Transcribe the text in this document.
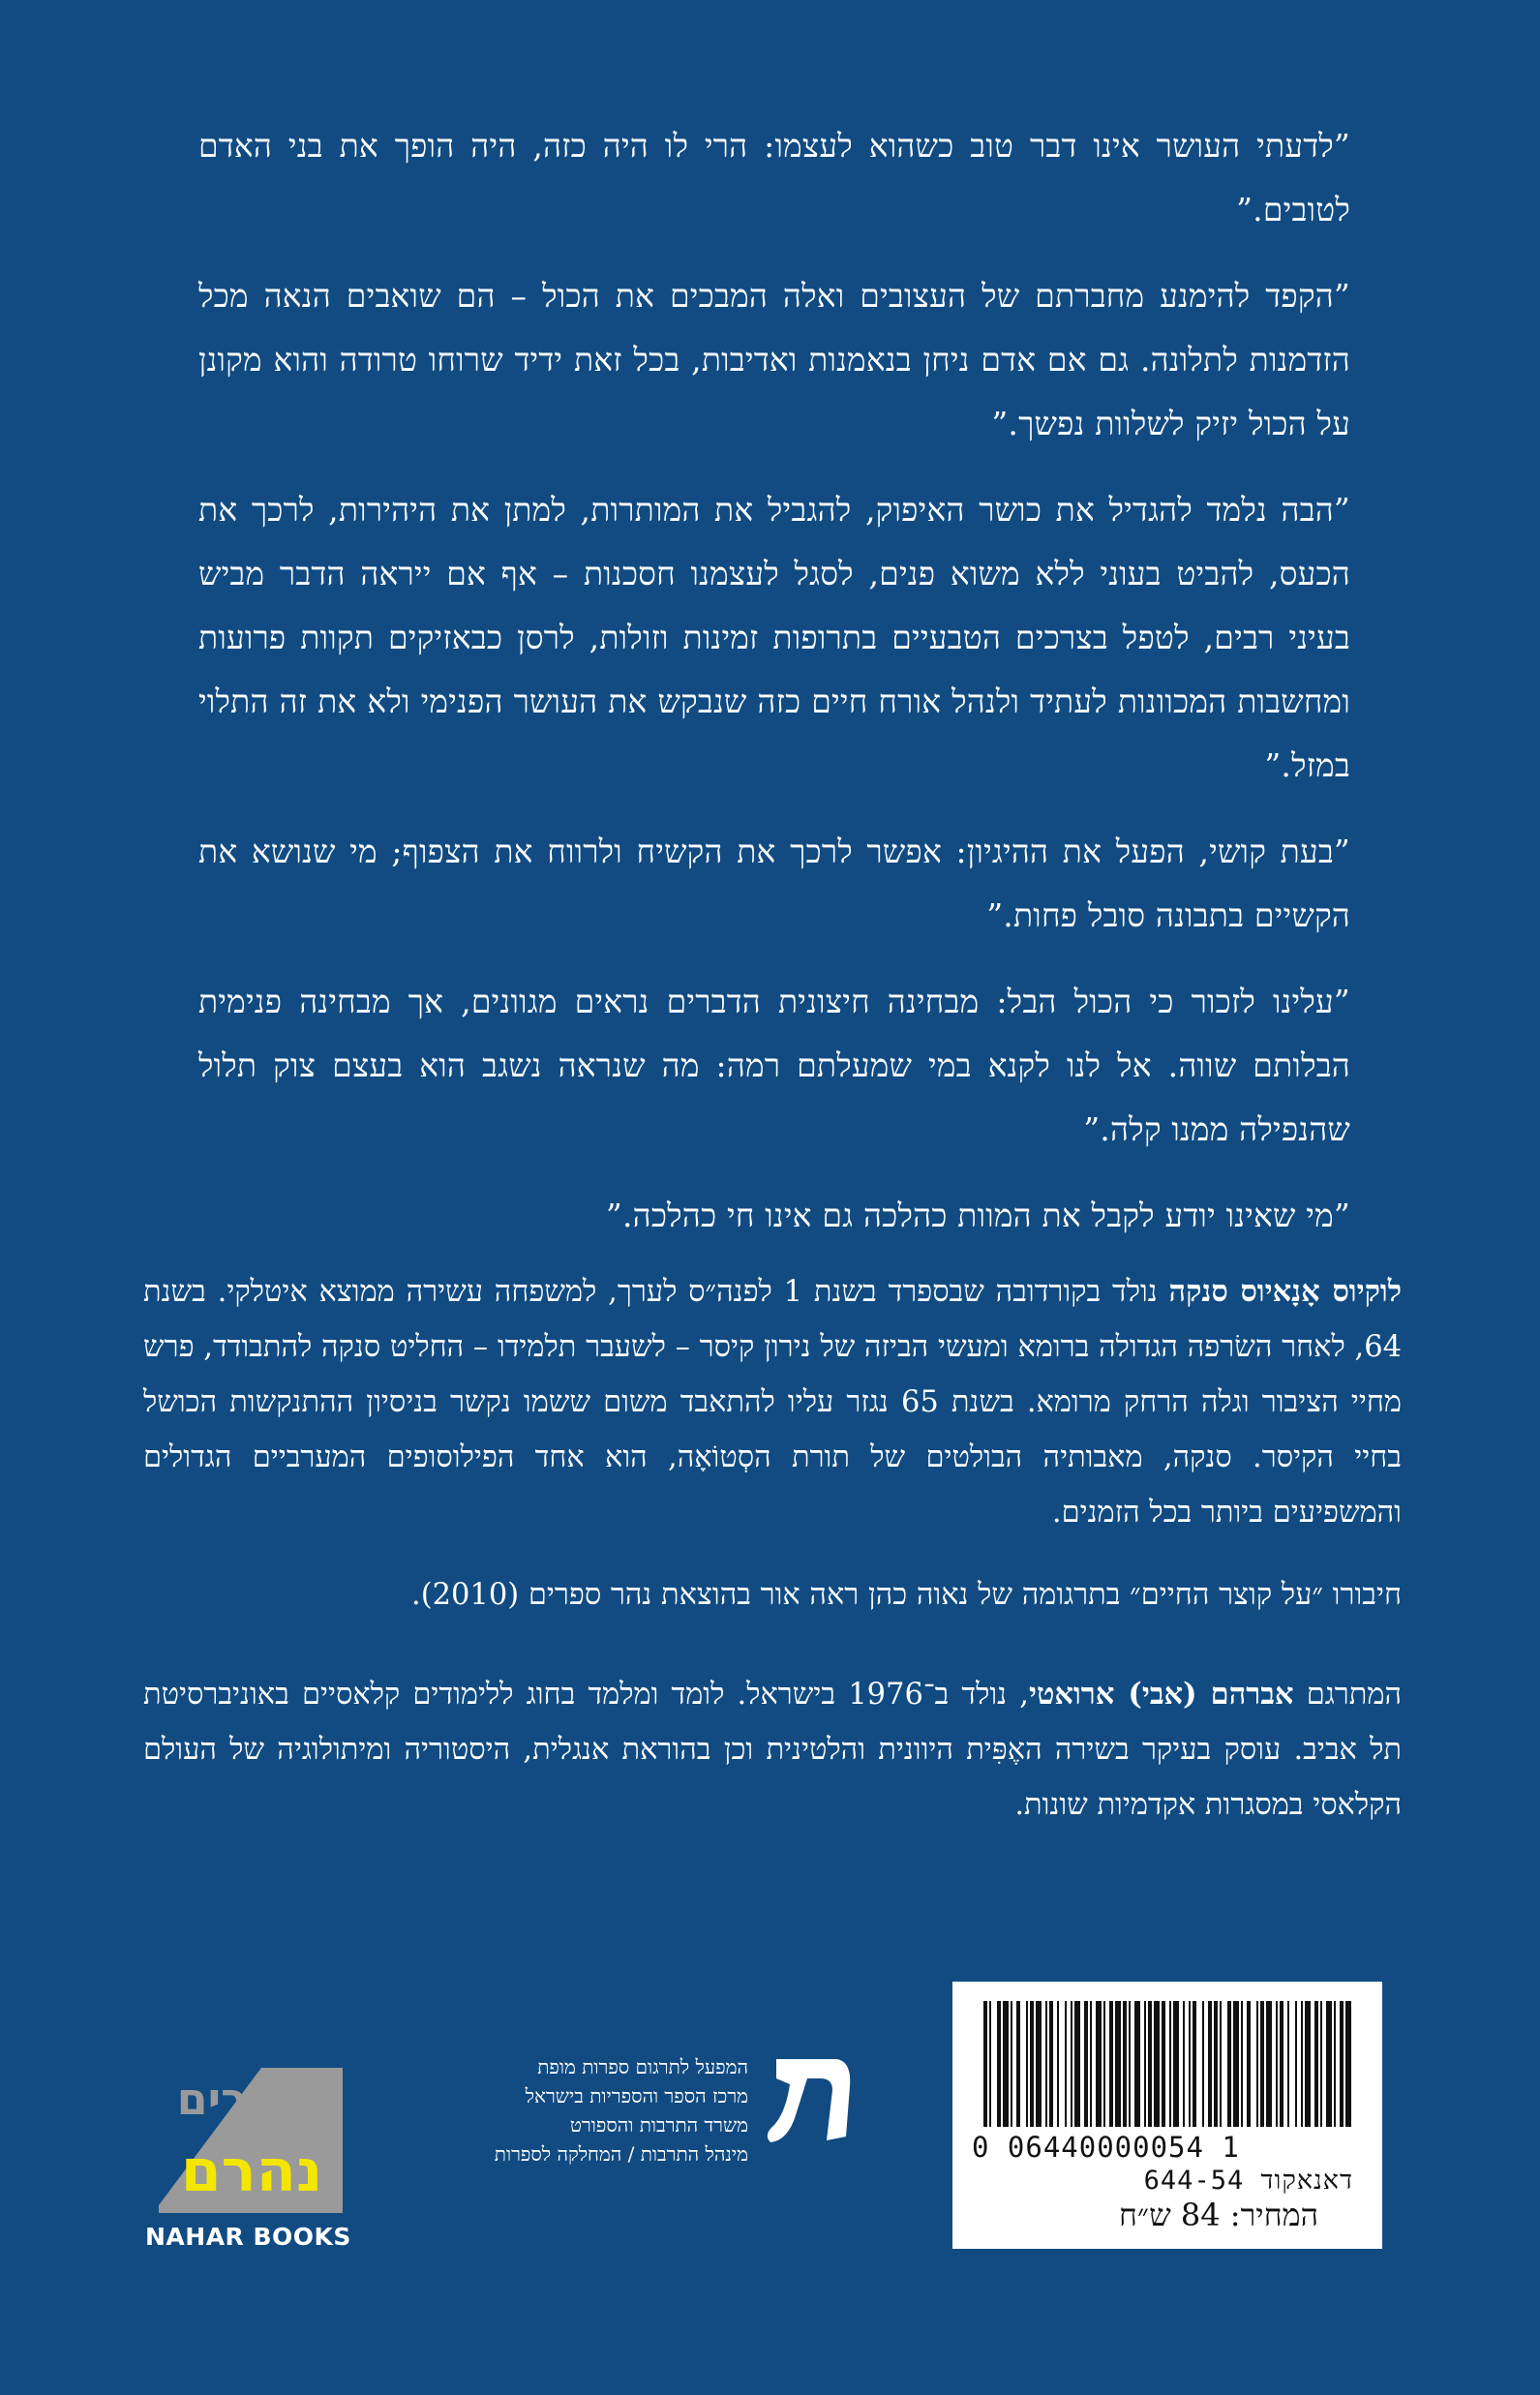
”לדעתי העושר אינו דבר טוב כשהוא לעצמו: הרי לו היה כזה, היה הופך את בני האדם לטובים.”

”הקפד להימנע מחברתם של העצובים ואלה המבכים את הכול – הם שואבים הנאה מכל הזדמנות לתלונה. גם אם אדם ניחן בנאמנות ואדיבות, בכל זאת ידיד שרוחו טרודה והוא מקונן על הכול יזיק לשלוות נפשך.”

”הבה נלמד להגדיל את כושר האיפוק, להגביל את המותרות, למתן את היהירות, לרכך את הכעס, להביט בעוני ללא משוא פנים, לסגל לעצמנו חסכנות – אף אם ייראה הדבר מביש בעיני רבים, לטפל בצרכים הטבעיים בתרופות זמינות וזולות, לרסן כבאזיקים תקוות פרועות ומחשבות המכוונות לעתיד ולנהל אורח חיים כזה שנבקש את העושר הפנימי ולא את זה התלוי במזל.”

”בעת קושי, הפעל את ההיגיון: אפשר לרכך את הקשיח ולרווח את הצפוף; מי שנושא את הקשיים בתבונה סובל פחות.”

”עלינו לזכור כי הכול הבל: מבחינה חיצונית הדברים נראים מגוונים, אך מבחינה פנימית הבלותם שווה. אל לנו לקנא במי שמעלתם רמה: מה שנראה נשגב הוא בעצם צוק תלול שהנפילה ממנו קלה.”

”מי שאינו יודע לקבל את המוות כהלכה גם אינו חי כהלכה.”

לוקיוס אָנָאיוס סנקה נולד בקורדובה שבספרד בשנת 1 לפנה״ס לערך, למשפחה עשירה ממוצא איטלקי. בשנת 64, לאחר השׂרפה הגדולה ברומא ומעשי הביזה של נירון קיסר – לשעבר תלמידו – החליט סנקה להתבודד, פרש מחיי הציבור וגלה הרחק מרומא. בשנת 65 נגזר עליו להתאבד משום ששמו נקשר בניסיון ההתנקשות הכושל בחיי הקיסר. סנקה, מאבותיה הבולטים של תורת הסְטוֹאָה, הוא אחד הפילוסופים המערביים הגדולים והמשפיעים ביותר בכל הזמנים.

חיבורו ״על קוצר החיים״ בתרגומה של נאוה כהן ראה אור בהוצאת נהר ספרים (2010).

המתרגם אברהם (אבי) ארואטי, נולד ב־1976 בישראל. לומד ומלמד בחוג ללימודים קלאסיים באוניברסיטת תל אביב. עוסק בעיקר בשירה האֶפִּית היוונית והלטינית וכן בהוראת אנגלית, היסטוריה ומיתולוגיה של העולם הקלאסי במסגרות אקדמיות שונות.

0 06440000054 1
דאנאקוד 644-54
המחיר: 84 ש״ח
המפעל לתרגום ספרות מופת
מרכז הספר והספריות בישראל
משרד התרבות והספורט
מינהל התרבות / המחלקה לספרות
ספרים
נהרם
NAHAR BOOKS
